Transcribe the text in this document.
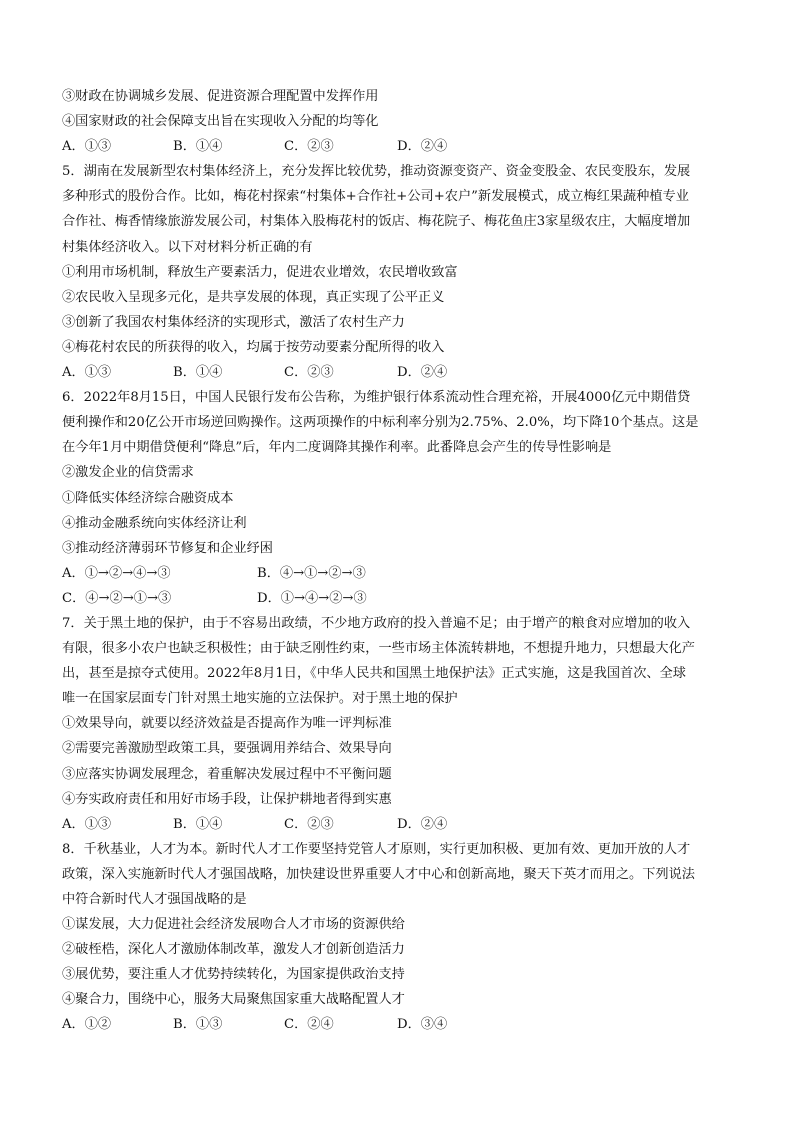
③财政在协调城乡发展、促进资源合理配置中发挥作用
④国家财政的社会保障支出旨在实现收入分配的均等化
A．①③	B．①④	C．②③	D．②④
5．湖南在发展新型农村集体经济上，充分发挥比较优势，推动资源变资产、资金变股金、农民变股东，发展
多种形式的股份合作。比如，梅花村探索“村集体+合作社+公司+农户”新发展模式，成立梅红果蔬种植专业
合作社、梅香情缘旅游发展公司，村集体入股梅花村的饭店、梅花院子、梅花鱼庄3家星级农庄，大幅度增加
村集体经济收入。以下对材料分析正确的有
①利用市场机制，释放生产要素活力，促进农业增效，农民增收致富
②农民收入呈现多元化，是共享发展的体现，真正实现了公平正义
③创新了我国农村集体经济的实现形式，激活了农村生产力
④梅花村农民的所获得的收入，均属于按劳动要素分配所得的收入
A．①③	B．①④	C．②③	D．②④
6．2022年8月15日，中国人民银行发布公告称，为维护银行体系流动性合理充裕，开展4000亿元中期借贷
便利操作和20亿公开市场逆回购操作。这两项操作的中标利率分别为2.75%、2.0%，均下降10个基点。这是
在今年1月中期借贷便利“降息”后，年内二度调降其操作利率。此番降息会产生的传导性影响是
②激发企业的信贷需求
①降低实体经济综合融资成本
④推动金融系统向实体经济让利
③推动经济薄弱环节修复和企业纾困
A．①→②→④→③	B．④→①→②→③
C．④→②→①→③	D．①→④→②→③
7．关于黑土地的保护，由于不容易出政绩，不少地方政府的投入普遍不足；由于增产的粮食对应增加的收入
有限，很多小农户也缺乏积极性；由于缺乏刚性约束，一些市场主体流转耕地，不想提升地力，只想最大化产
出，甚至是掠夺式使用。2022年8月1日，《中华人民共和国黑土地保护法》正式实施，这是我国首次、全球
唯一在国家层面专门针对黑土地实施的立法保护。对于黑土地的保护
①效果导向，就要以经济效益是否提高作为唯一评判标准
②需要完善激励型政策工具，要强调用养结合、效果导向
③应落实协调发展理念，着重解决发展过程中不平衡问题
④夯实政府责任和用好市场手段，让保护耕地者得到实惠
A．①③	B．①④	C．②③	D．②④
8．千秋基业，人才为本。新时代人才工作要坚持党管人才原则，实行更加积极、更加有效、更加开放的人才
政策，深入实施新时代人才强国战略，加快建设世界重要人才中心和创新高地，聚天下英才而用之。下列说法
中符合新时代人才强国战略的是
①谋发展，大力促进社会经济发展吻合人才市场的资源供给
②破桎梏，深化人才激励体制改革，激发人才创新创造活力
③展优势，要注重人才优势持续转化，为国家提供政治支持
④聚合力，围绕中心，服务大局聚焦国家重大战略配置人才
A．①②	B．①③	C．②④	D．③④
